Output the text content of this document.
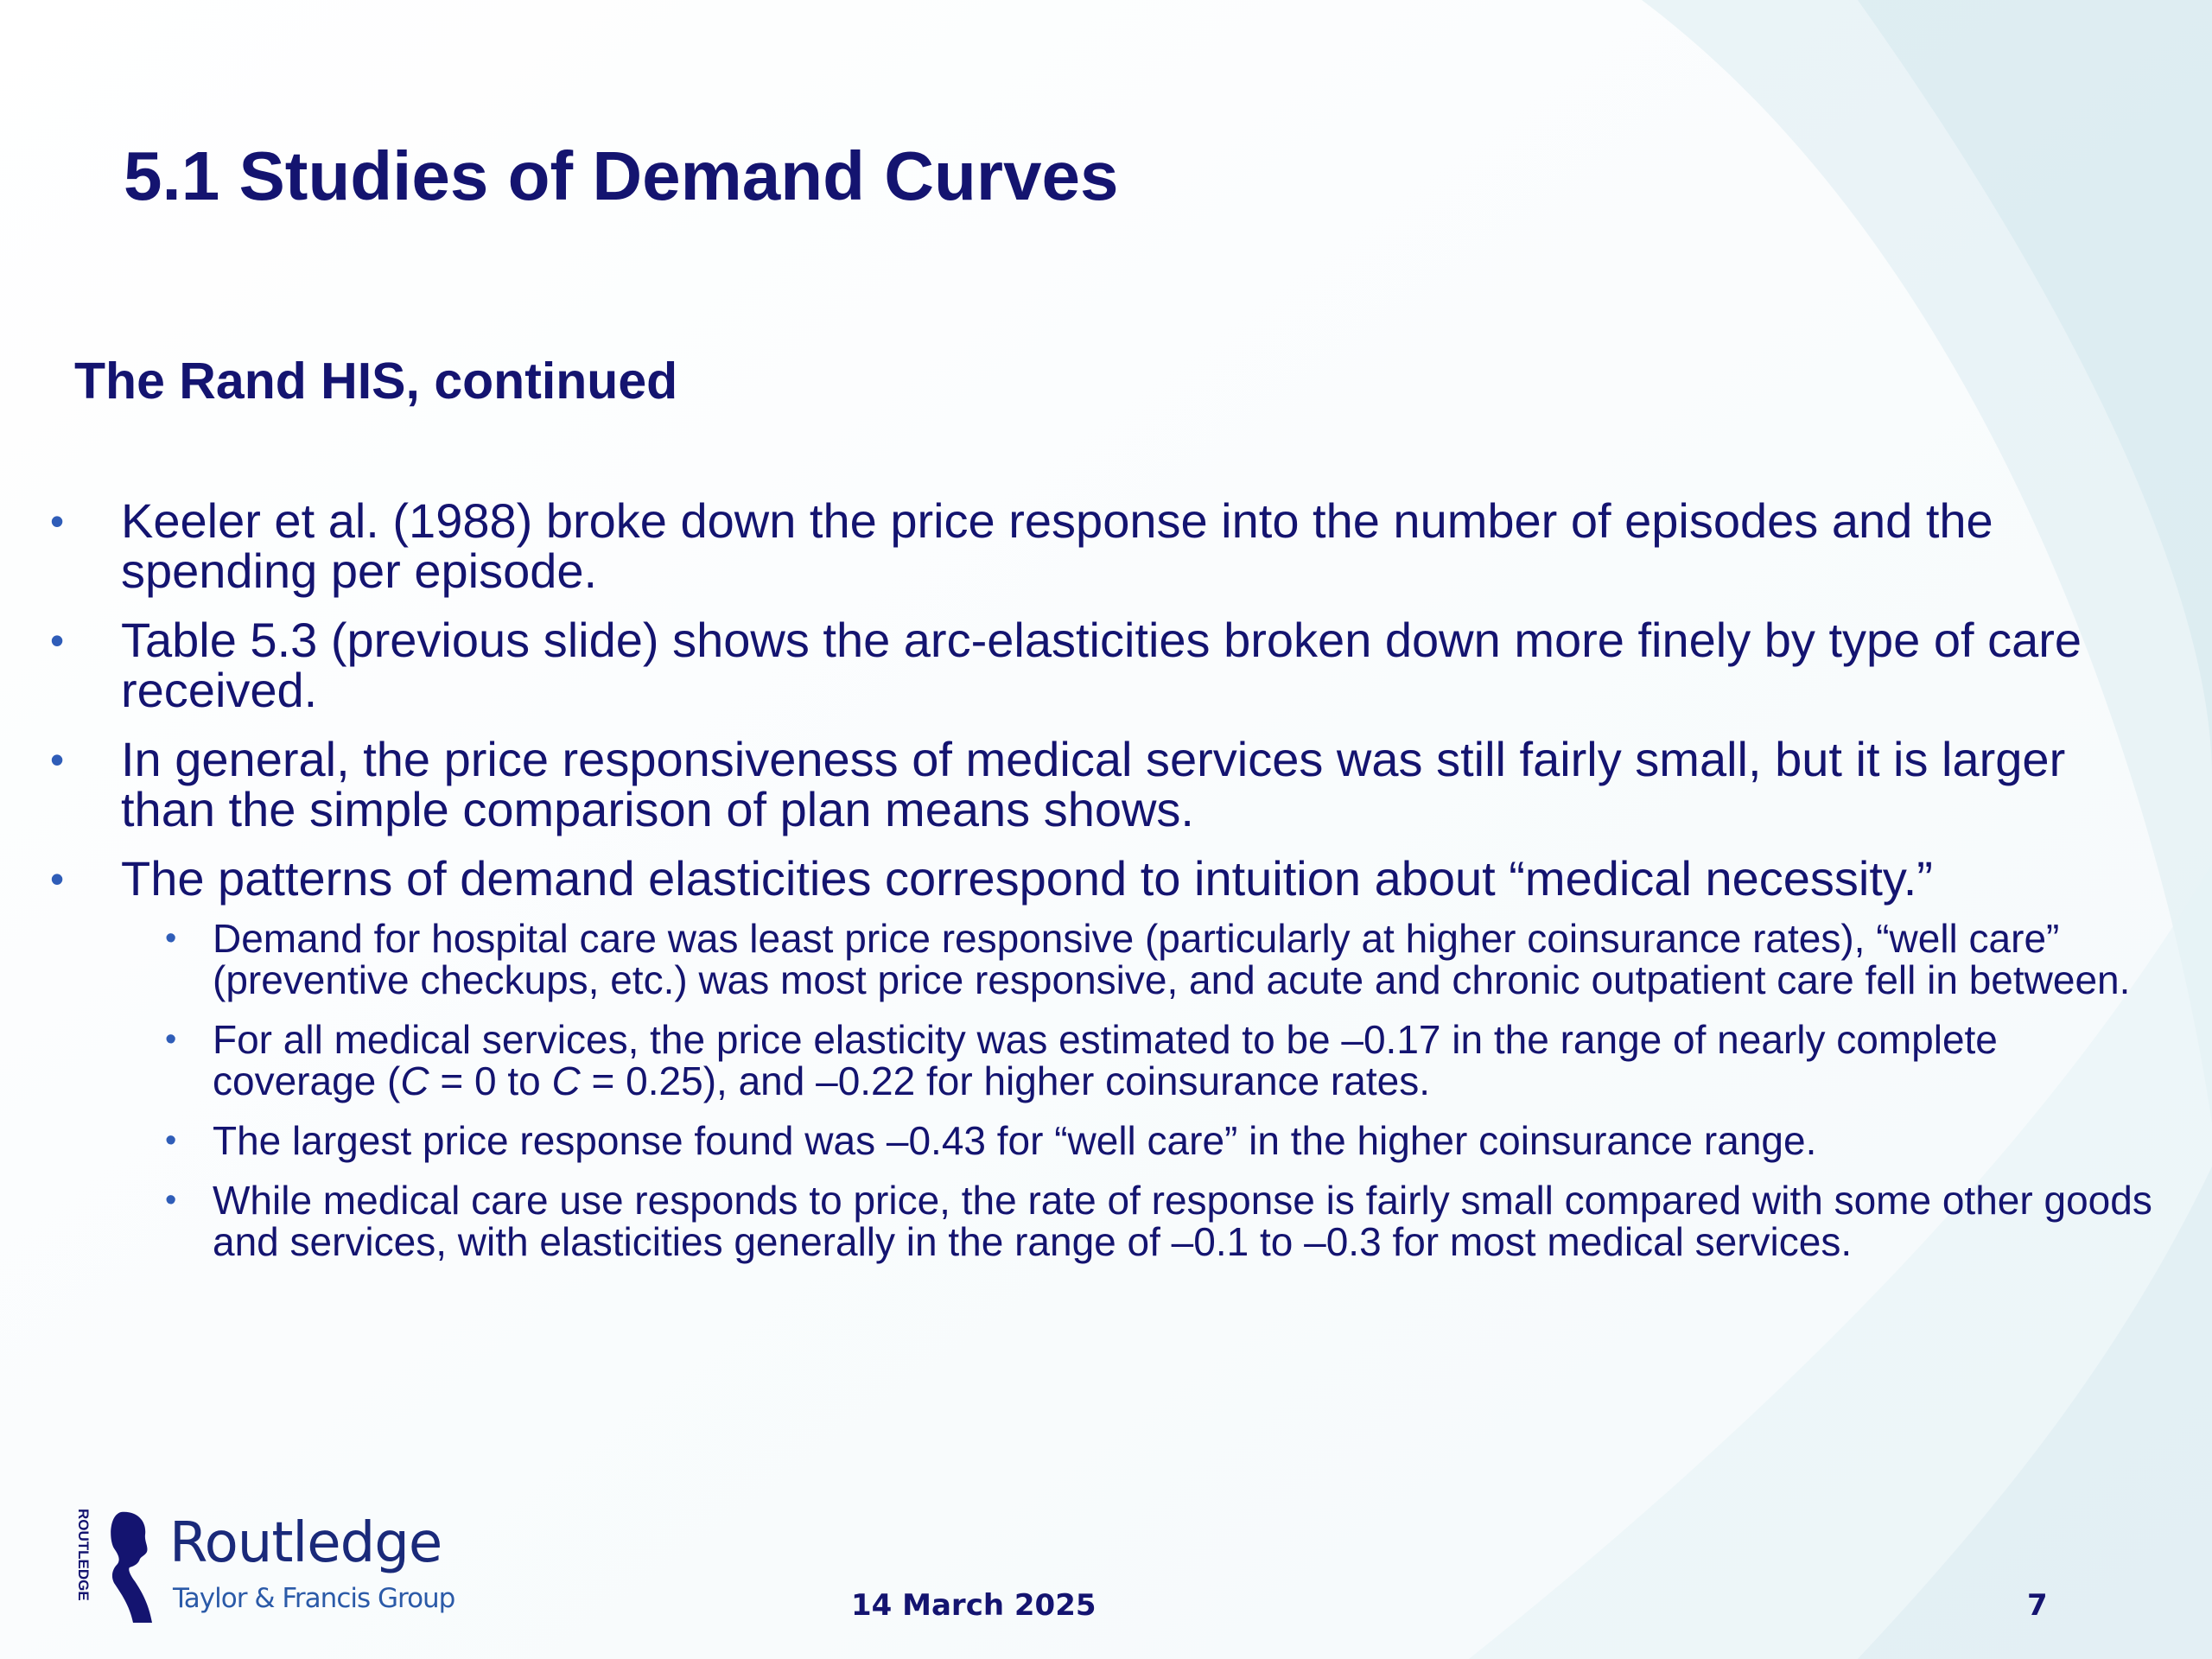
5.1 Studies of Demand Curves
The Rand HIS, continued
• Keeler et al. (1988) broke down the price response into the number of episodes and the spending per episode.
• Table 5.3 (previous slide) shows the arc-elasticities broken down more finely by type of care received.
• In general, the price responsiveness of medical services was still fairly small, but it is larger than the simple comparison of plan means shows.
• The patterns of demand elasticities correspond to intuition about “medical necessity.”
• Demand for hospital care was least price responsive (particularly at higher coinsurance rates), “well care” (preventive checkups, etc.) was most price responsive, and acute and chronic outpatient care fell in between.
• For all medical services, the price elasticity was estimated to be –0.17 in the range of nearly complete coverage (C = 0 to C = 0.25), and –0.22 for higher coinsurance rates.
• The largest price response found was –0.43 for “well care” in the higher coinsurance range.
• While medical care use responds to price, the rate of response is fairly small compared with some other goods and services, with elasticities generally in the range of –0.1 to –0.3 for most medical services.
ROUTLEDGE Routledge
Taylor & Francis Group	14 March 2025	7
